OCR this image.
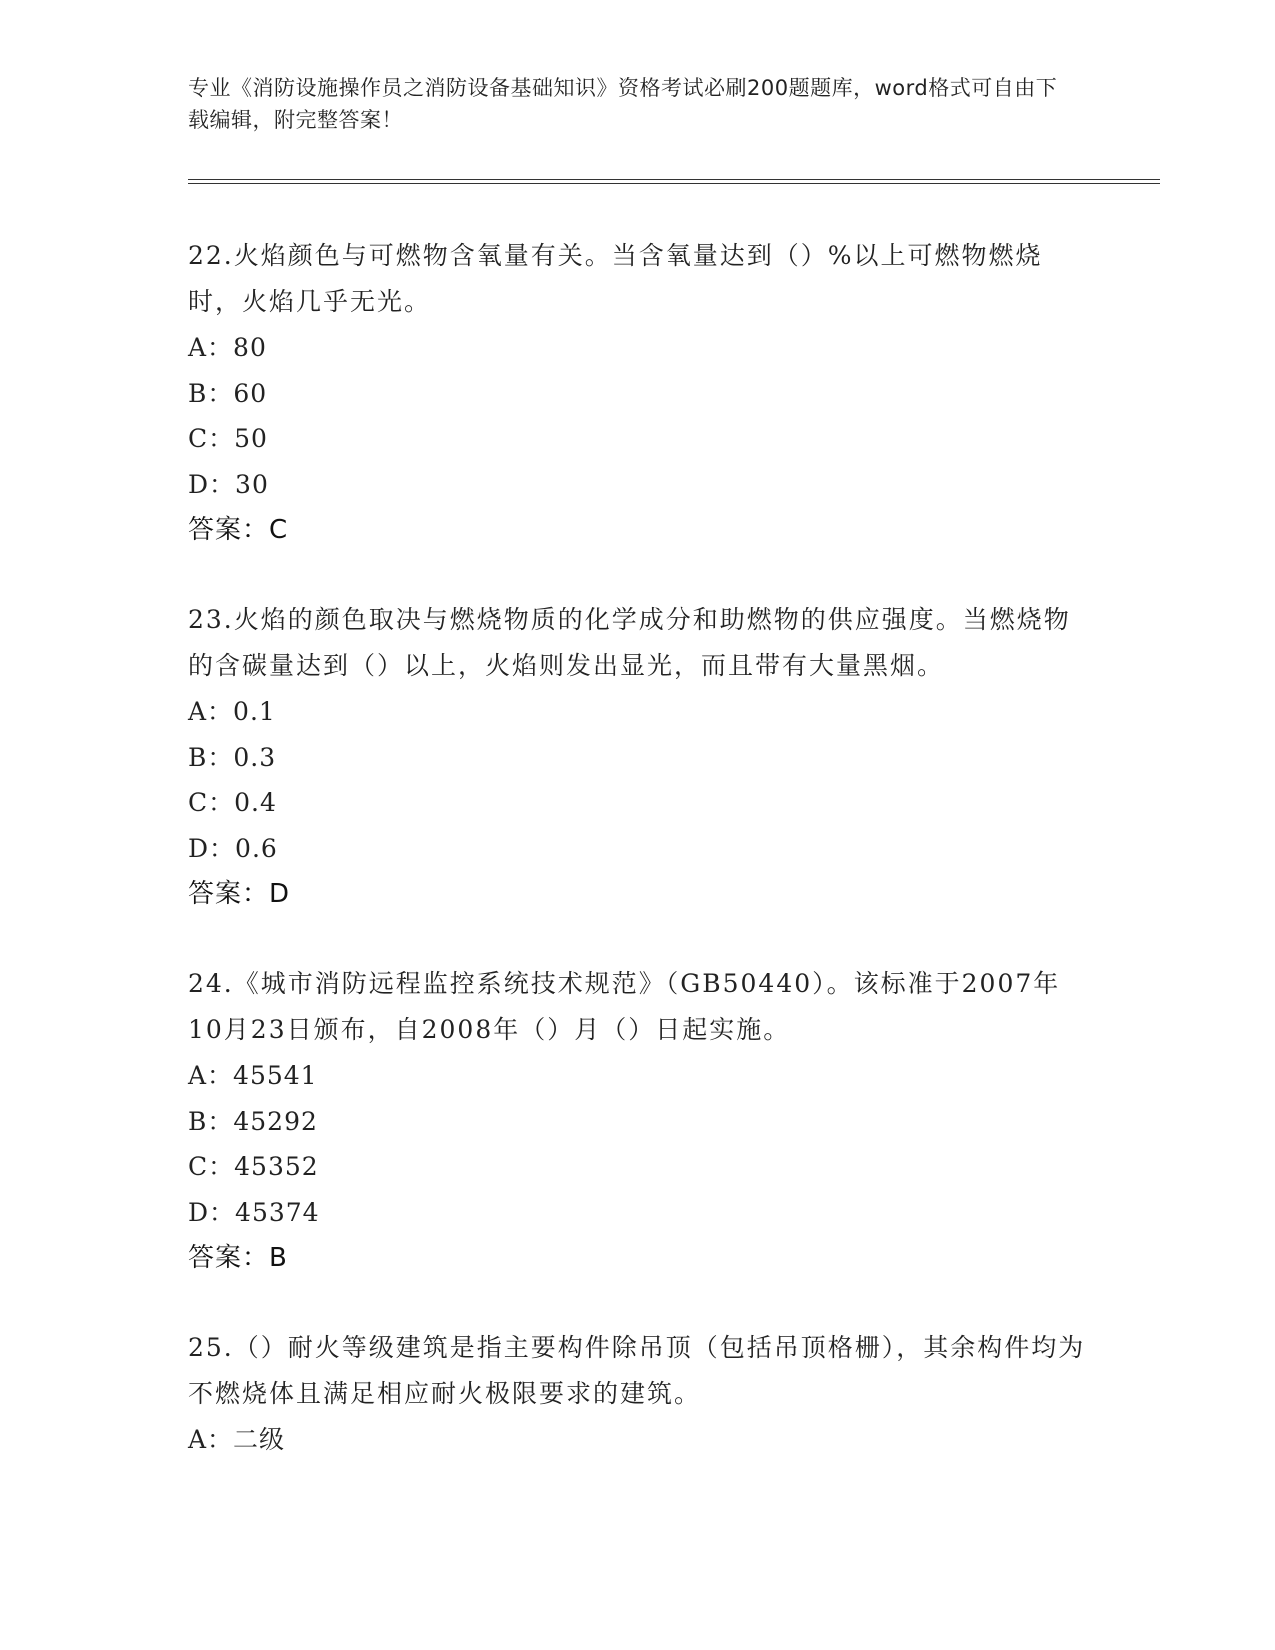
专业《消防设施操作员之消防设备基础知识》资格考试必刷200题题库，word格式可自由下载编辑，附完整答案！

22.火焰颜色与可燃物含氧量有关。当含氧量达到（）%以上可燃物燃烧时，火焰几乎无光。

A：80

B：60

C：50

D：30

答案：C

23.火焰的颜色取决与燃烧物质的化学成分和助燃物的供应强度。当燃烧物的含碳量达到（）以上，火焰则发出显光，而且带有大量黑烟。

A：0.1

B：0.3

C：0.4

D：0.6

答案：D

24.《城市消防远程监控系统技术规范》（GB50440）。该标准于2007年10月23日颁布，自2008年（）月（）日起实施。

A：45541

B：45292

C：45352

D：45374

答案：B

25.（）耐火等级建筑是指主要构件除吊顶（包括吊顶格栅），其余构件均为不燃烧体且满足相应耐火极限要求的建筑。

A：二级
